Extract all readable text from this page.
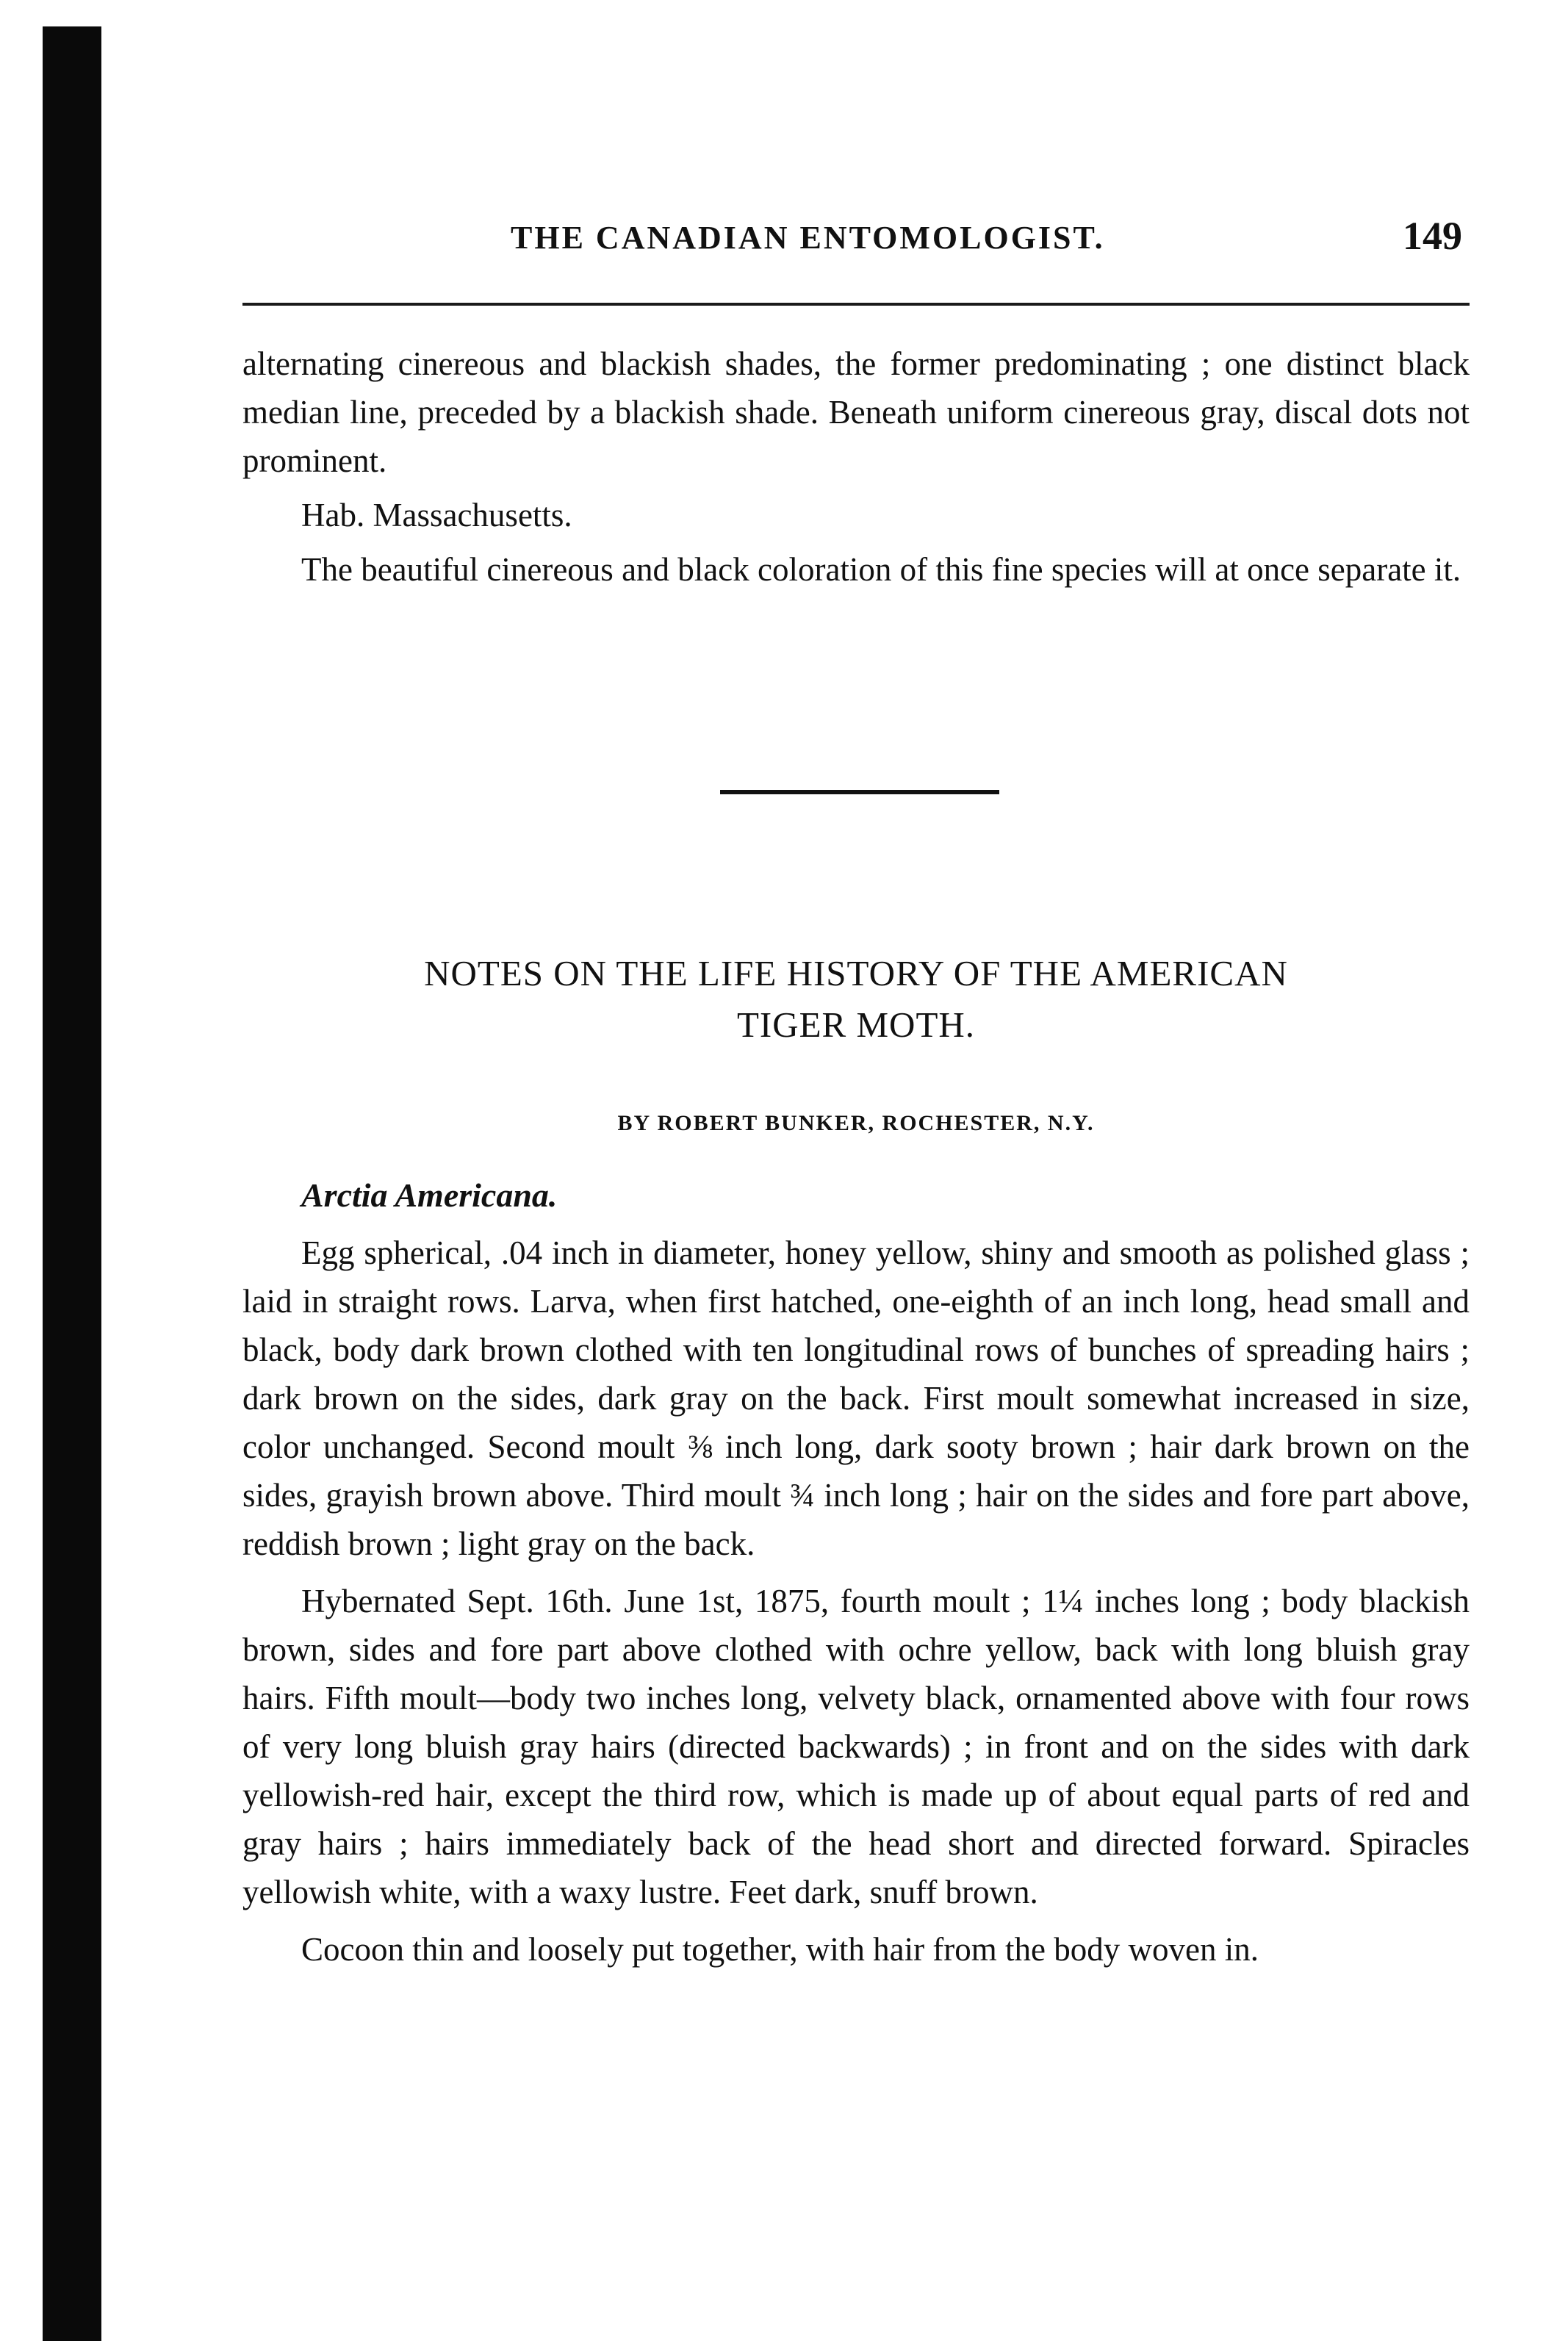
THE CANADIAN ENTOMOLOGIST.	149

alternating cinereous and blackish shades, the former predominating ; one distinct black median line, preceded by a blackish shade. Beneath uniform cinereous gray, discal dots not prominent.

Hab. Massachusetts.

The beautiful cinereous and black coloration of this fine species will at once separate it.

NOTES ON THE LIFE HISTORY OF THE AMERICAN
TIGER MOTH.
BY ROBERT BUNKER, ROCHESTER, N.Y.
Arctia Americana.

Egg spherical, .04 inch in diameter, honey yellow, shiny and smooth as polished glass ; laid in straight rows. Larva, when first hatched, one-eighth of an inch long, head small and black, body dark brown clothed with ten longitudinal rows of bunches of spreading hairs ; dark brown on the sides, dark gray on the back. First moult somewhat increased in size, color unchanged. Second moult ⅜ inch long, dark sooty brown ; hair dark brown on the sides, grayish brown above. Third moult ¾ inch long ; hair on the sides and fore part above, reddish brown ; light gray on the back.

Hybernated Sept. 16th. June 1st, 1875, fourth moult ; 1¼ inches long ; body blackish brown, sides and fore part above clothed with ochre yellow, back with long bluish gray hairs. Fifth moult—body two inches long, velvety black, ornamented above with four rows of very long bluish gray hairs (directed backwards) ; in front and on the sides with dark yellowish-red hair, except the third row, which is made up of about equal parts of red and gray hairs ; hairs immediately back of the head short and directed forward. Spiracles yellowish white, with a waxy lustre. Feet dark, snuff brown.

Cocoon thin and loosely put together, with hair from the body woven in.
